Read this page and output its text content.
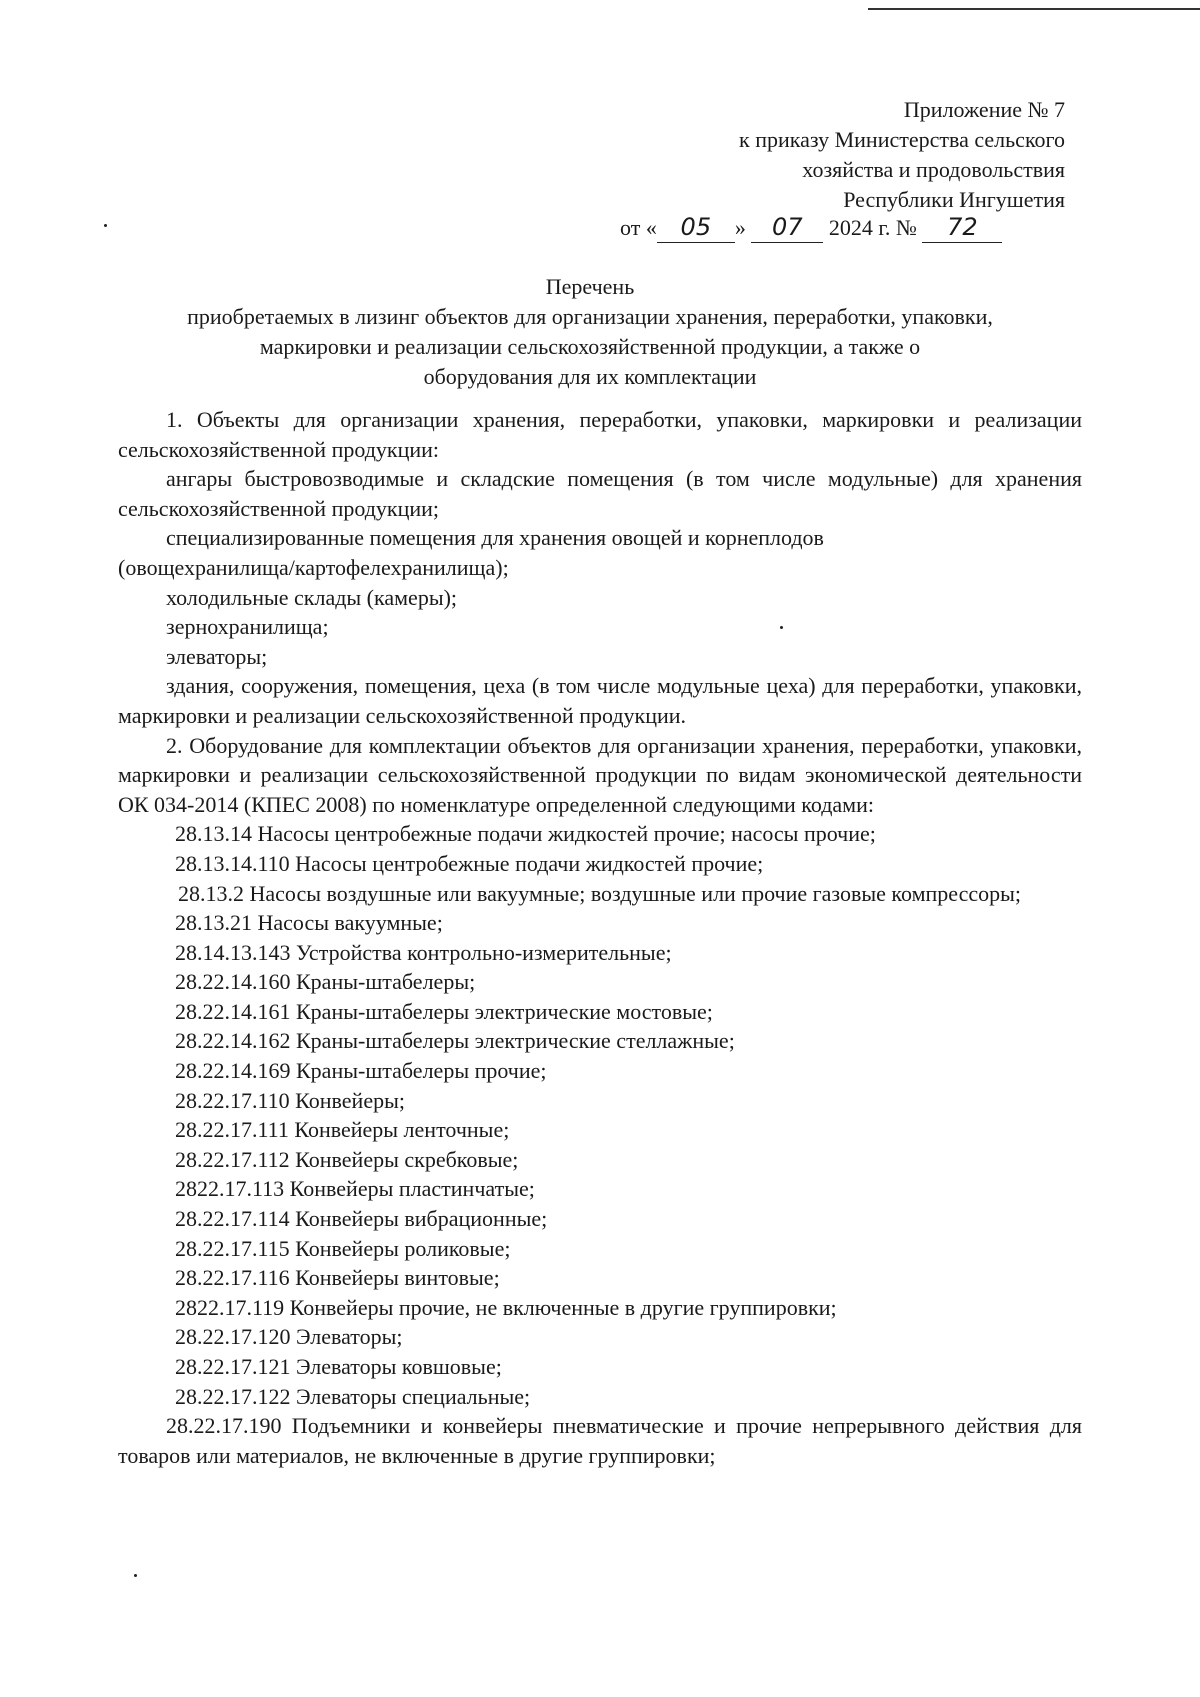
Приложение № 7
к приказу Министерства сельского
хозяйства и продовольствия
Республики Ингушетия
от « 05 » 07 2024 г. № 72
Перечень
приобретаемых в лизинг объектов для организации хранения, переработки, упаковки,
маркировки и реализации сельскохозяйственной продукции, а также о
оборудования для их комплектации

1. Объекты для организации хранения, переработки, упаковки, маркировки и реализации сельскохозяйственной продукции:

ангары быстровозводимые и складские помещения (в том числе модульные) для хранения сельскохозяйственной продукции;

специализированные помещения для хранения овощей и корнеплодов

(овощехранилища/картофелехранилища);

холодильные склады (камеры);

зернохранилища;

элеваторы;

здания, сооружения, помещения, цеха (в том числе модульные цеха) для переработки, упаковки, маркировки и реализации сельскохозяйственной продукции.

2. Оборудование для комплектации объектов для организации хранения, переработки, упаковки, маркировки и реализации сельскохозяйственной продукции по видам экономической деятельности ОК 034-2014 (КПЕС 2008) по номенклатуре определенной следующими кодами:

28.13.14 Насосы центробежные подачи жидкостей прочие; насосы прочие;

28.13.14.110 Насосы центробежные подачи жидкостей прочие;

28.13.2 Насосы воздушные или вакуумные; воздушные или прочие газовые компрессоры;

28.13.21 Насосы вакуумные;

28.14.13.143 Устройства контрольно-измерительные;

28.22.14.160 Краны-штабелеры;

28.22.14.161 Краны-штабелеры электрические мостовые;

28.22.14.162 Краны-штабелеры электрические стеллажные;

28.22.14.169 Краны-штабелеры прочие;

28.22.17.110 Конвейеры;

28.22.17.111 Конвейеры ленточные;

28.22.17.112 Конвейеры скребковые;

2822.17.113 Конвейеры пластинчатые;

28.22.17.114 Конвейеры вибрационные;

28.22.17.115 Конвейеры роликовые;

28.22.17.116 Конвейеры винтовые;

2822.17.119 Конвейеры прочие, не включенные в другие группировки;

28.22.17.120 Элеваторы;

28.22.17.121 Элеваторы ковшовые;

28.22.17.122 Элеваторы специальные;

28.22.17.190 Подъемники и конвейеры пневматические и прочие непрерывного действия для товаров или материалов, не включенные в другие группировки;
